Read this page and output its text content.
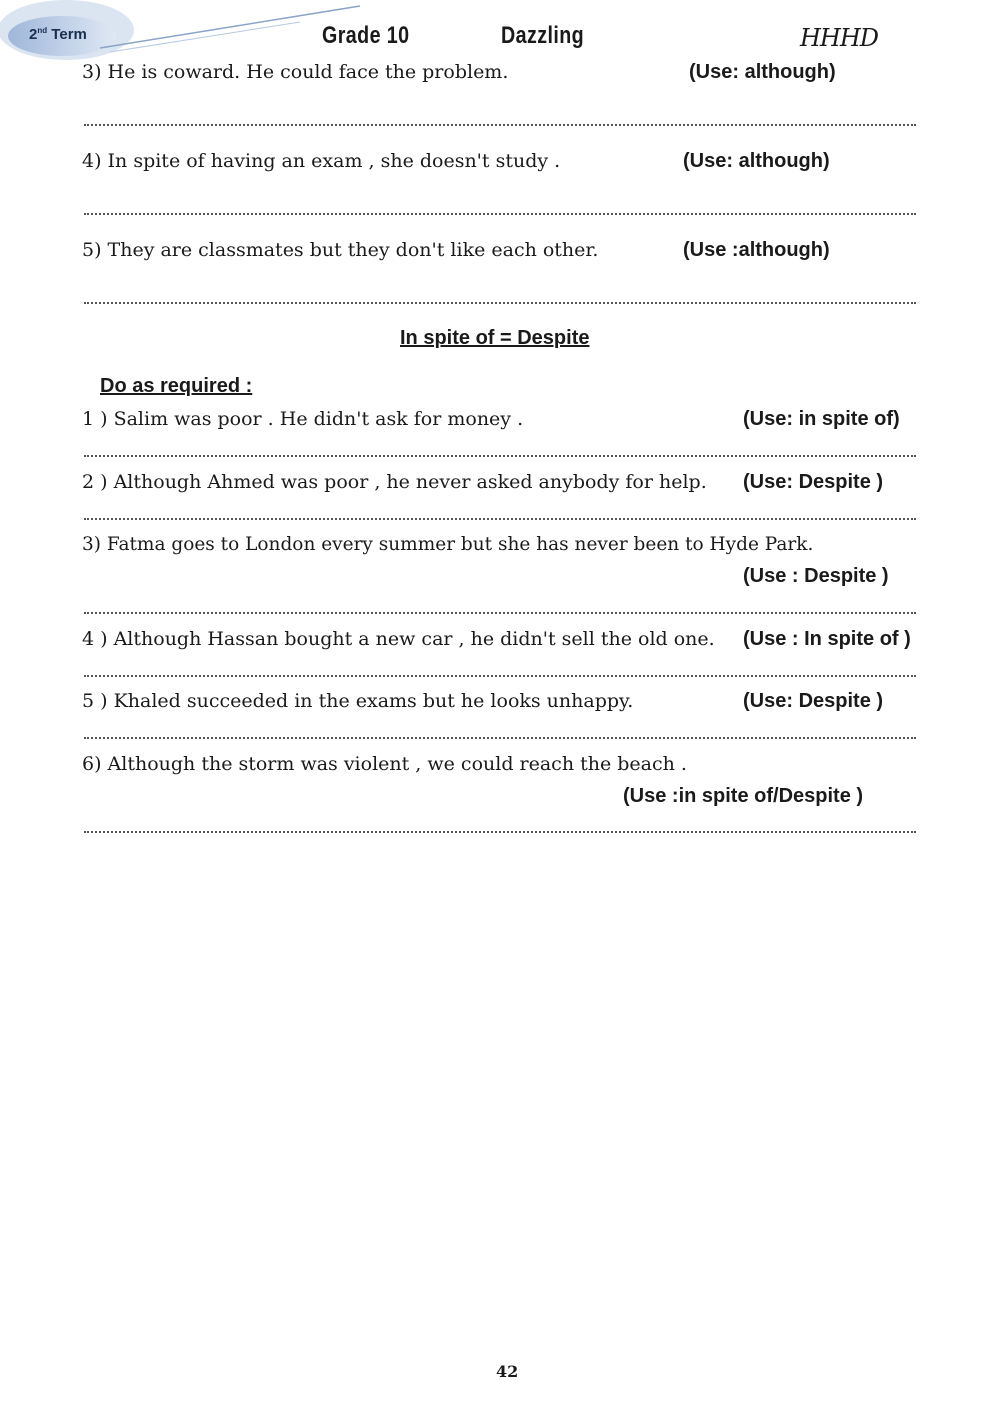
2nd Term	Grade 10	Dazzling	HHHD
3) He is coward. He could face the problem.	(Use: although)
4) In spite of having an exam , she doesn't study .	(Use: although)
5) They are classmates but they don't like each other.	(Use :although)
In spite of = Despite
Do as required :
1 ) Salim was poor . He didn't ask for money .	(Use: in spite of)
2 ) Although Ahmed was poor , he never asked anybody for help. (Use: Despite )
3) Fatma goes to London every summer but she has never been to Hyde Park.
(Use : Despite )
4 ) Although Hassan bought a new car , he didn't sell the old one. (Use : In spite of )
5 ) Khaled succeeded in the exams but he looks unhappy.	(Use: Despite )
6) Although the storm was violent , we could reach the beach .
(Use :in spite of/Despite )
42
